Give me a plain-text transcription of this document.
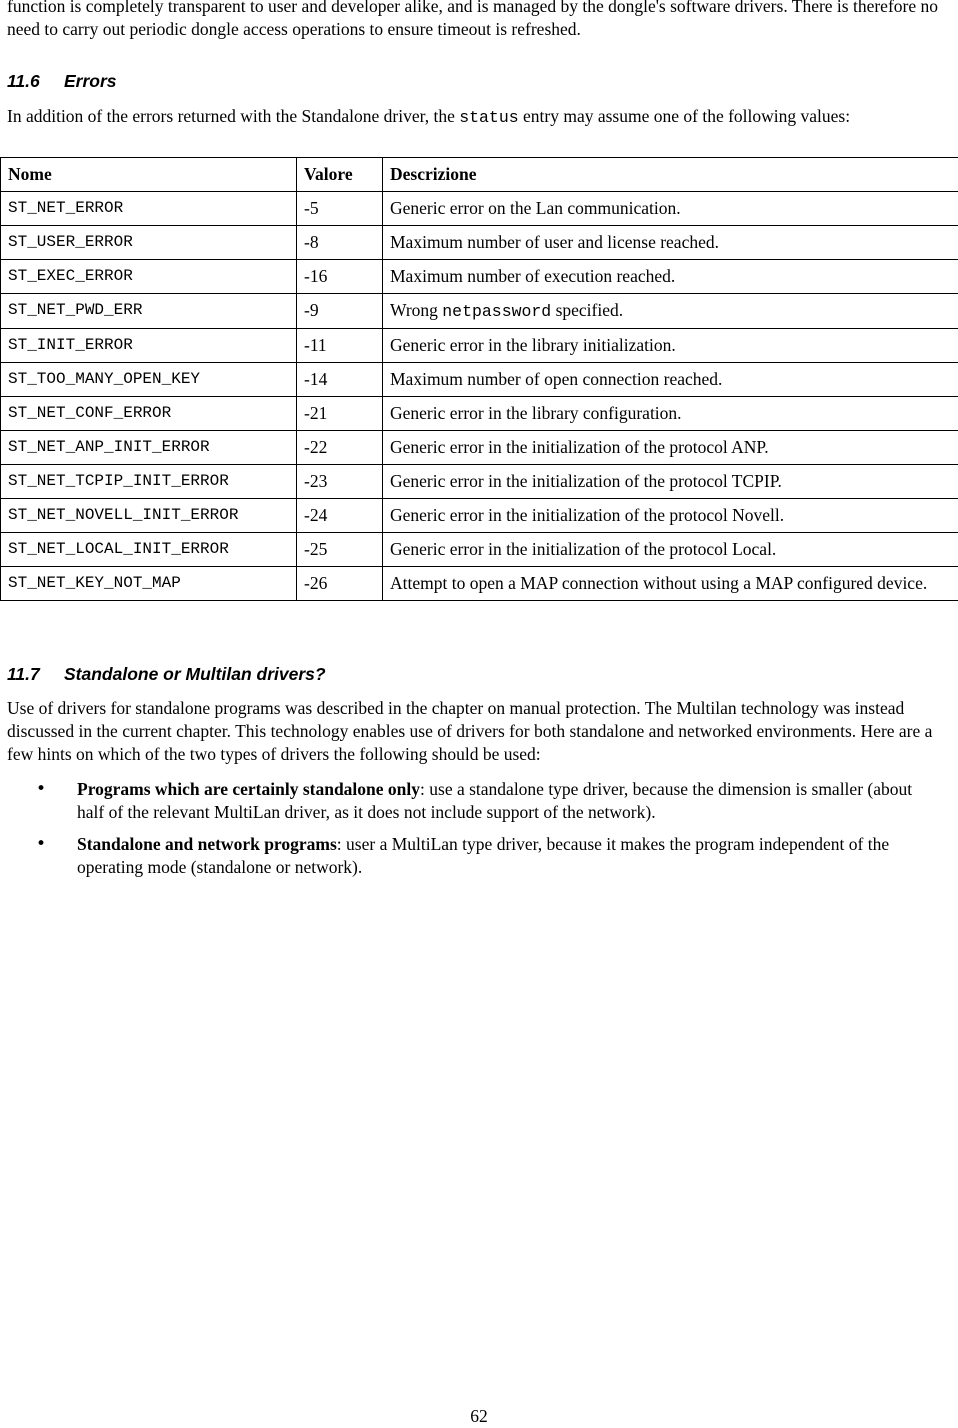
function is completely transparent to user and developer alike, and is managed by the dongle's software drivers. There is therefore no need to carry out periodic dongle access operations to ensure timeout is refreshed.

11.6 Errors

In addition of the errors returned with the Standalone driver, the status entry may assume one of the following values:

Nome	Valore	Descrizione
ST_NET_ERROR	-5	Generic error on the Lan communication.
ST_USER_ERROR	-8	Maximum number of user and license reached.
ST_EXEC_ERROR	-16	Maximum number of execution reached.
ST_NET_PWD_ERR	-9	Wrong netpassword specified.
ST_INIT_ERROR	-11	Generic error in the library initialization.
ST_TOO_MANY_OPEN_KEY	-14	Maximum number of open connection reached.
ST_NET_CONF_ERROR	-21	Generic error in the library configuration.
ST_NET_ANP_INIT_ERROR	-22	Generic error in the initialization of the protocol ANP.
ST_NET_TCPIP_INIT_ERROR	-23	Generic error in the initialization of the protocol TCPIP.
ST_NET_NOVELL_INIT_ERROR	-24	Generic error in the initialization of the protocol Novell.
ST_NET_LOCAL_INIT_ERROR	-25	Generic error in the initialization of the protocol Local.
ST_NET_KEY_NOT_MAP	-26	Attempt to open a MAP connection without using a MAP configured device.
11.7 Standalone or Multilan drivers?

Use of drivers for standalone programs was described in the chapter on manual protection. The Multilan technology was instead discussed in the current chapter. This technology enables use of drivers for both standalone and networked environments. Here are a few hints on which of the two types of drivers the following should be used:

• Programs which are certainly standalone only: use a standalone type driver, because the dimension is smaller (about half of the relevant MultiLan driver, as it does not include support of the network).
• Standalone and network programs: user a MultiLan type driver, because it makes the program independent of the operating mode (standalone or network).
62
